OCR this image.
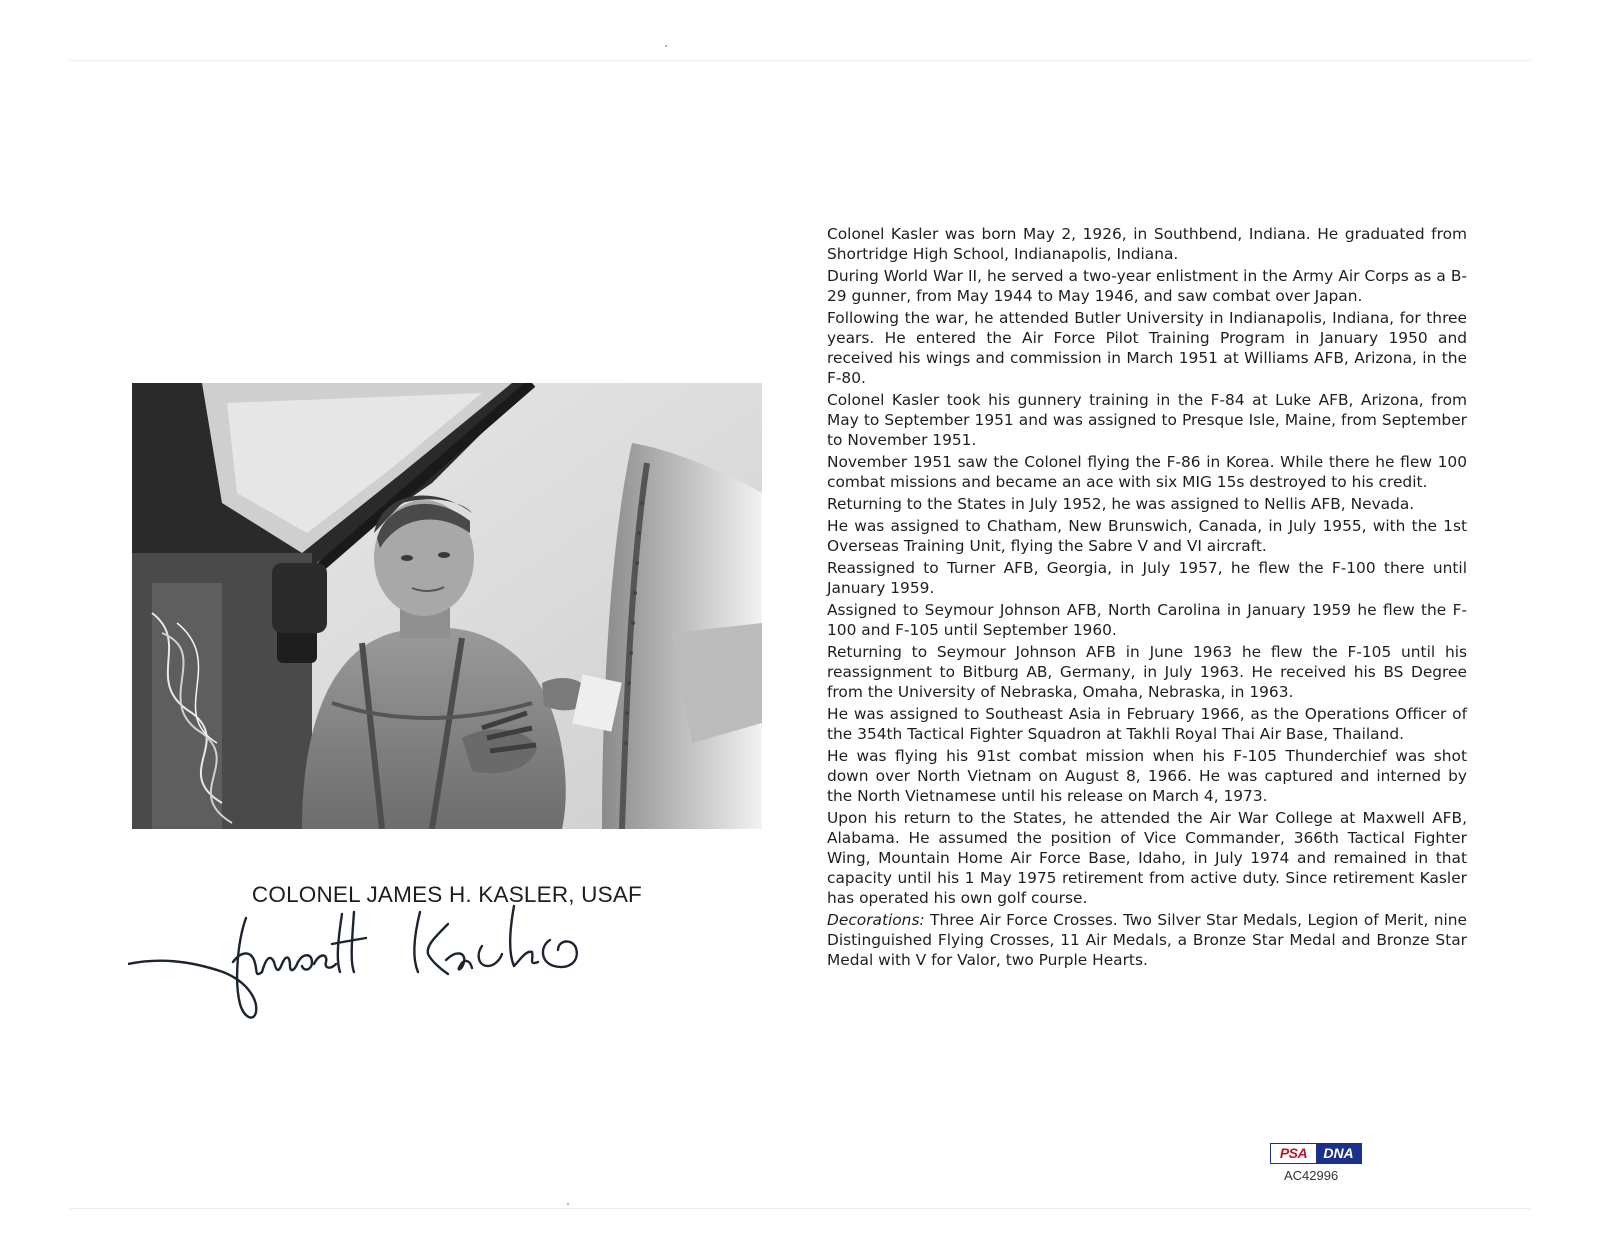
COLONEL JAMES H. KASLER, USAF

Colonel Kasler was born May 2, 1926, in Southbend, Indiana. He graduated from Shortridge High School, Indianapolis, Indiana.

During World War II, he served a two-year enlistment in the Army Air Corps as a B-29 gunner, from May 1944 to May 1946, and saw combat over Japan.

Following the war, he attended Butler University in Indianapolis, Indiana, for three years. He entered the Air Force Pilot Training Program in January 1950 and received his wings and commission in March 1951 at Williams AFB, Arizona, in the F-80.

Colonel Kasler took his gunnery training in the F-84 at Luke AFB, Arizona, from May to September 1951 and was assigned to Presque Isle, Maine, from September to November 1951.

November 1951 saw the Colonel flying the F-86 in Korea. While there he flew 100 combat missions and became an ace with six MIG 15s destroyed to his credit.

Returning to the States in July 1952, he was assigned to Nellis AFB, Nevada.

He was assigned to Chatham, New Brunswich, Canada, in July 1955, with the 1st Overseas Training Unit, flying the Sabre V and VI aircraft.

Reassigned to Turner AFB, Georgia, in July 1957, he flew the F-100 there until January 1959.

Assigned to Seymour Johnson AFB, North Carolina in January 1959 he flew the F-100 and F-105 until September 1960.

Returning to Seymour Johnson AFB in June 1963 he flew the F-105 until his reassignment to Bitburg AB, Germany, in July 1963. He received his BS Degree from the University of Nebraska, Omaha, Nebraska, in 1963.

He was assigned to Southeast Asia in February 1966, as the Operations Officer of the 354th Tactical Fighter Squadron at Takhli Royal Thai Air Base, Thailand.

He was flying his 91st combat mission when his F-105 Thunderchief was shot down over North Vietnam on August 8, 1966. He was captured and interned by the North Vietnamese until his release on March 4, 1973.

Upon his return to the States, he attended the Air War College at Maxwell AFB, Alabama. He assumed the position of Vice Commander, 366th Tactical Fighter Wing, Mountain Home Air Force Base, Idaho, in July 1974 and remained in that capacity until his 1 May 1975 retirement from active duty. Since retirement Kasler has operated his own golf course.

Decorations: Three Air Force Crosses. Two Silver Star Medals, Legion of Merit, nine Distinguished Flying Crosses, 11 Air Medals, a Bronze Star Medal and Bronze Star Medal with V for Valor, two Purple Hearts.

PSA	DNA
AC42996
